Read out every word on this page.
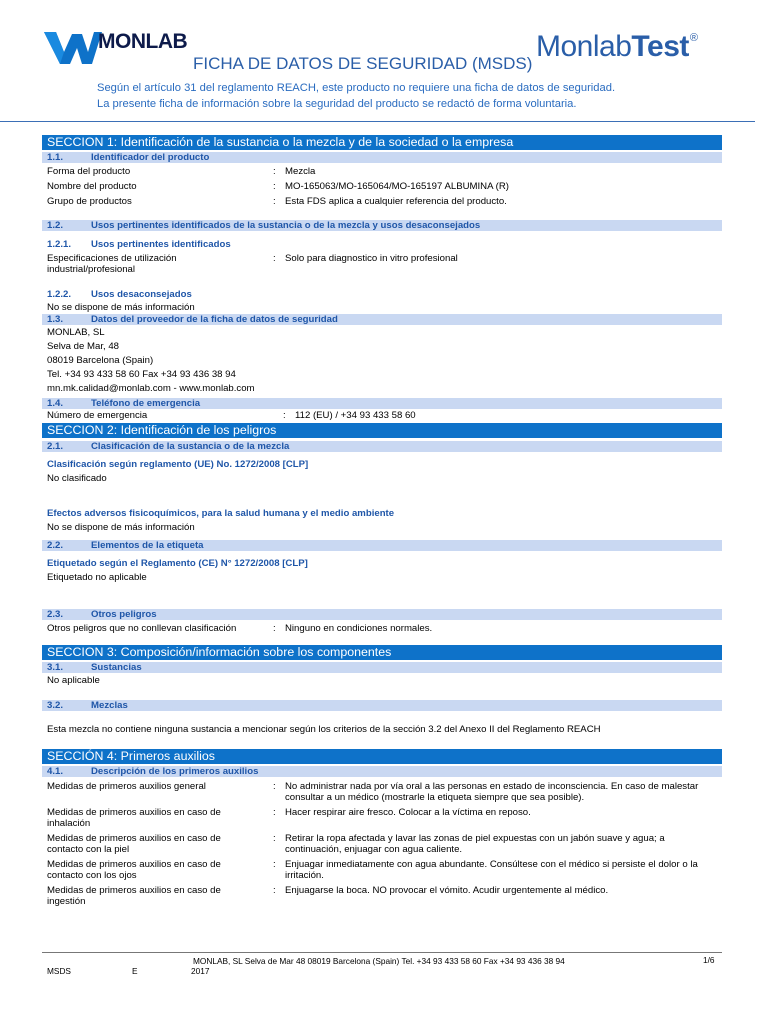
MONLAB
FICHA DE DATOS DE SEGURIDAD (MSDS)
MonlabTest®
Según el artículo 31 del reglamento REACH, este producto no requiere una ficha de datos de seguridad.
La presente ficha de información sobre la seguridad del producto se redactó de forma voluntaria.
SECCION 1: Identificación de la sustancia o la mezcla y de la sociedad o la empresa
1.1.	Identificador del producto
Forma del producto	: Mezcla
Nombre del producto	: MO-165063/MO-165064/MO-165197 ALBUMINA (R)
Grupo de productos	: Esta FDS aplica a cualquier referencia del producto.
1.2.	Usos pertinentes identificados de la sustancia o de la mezcla y usos desaconsejados
1.2.1. Usos pertinentes identificados
Especificaciones de utilización industrial/profesional
: Solo para diagnostico in vitro profesional
1.2.2. Usos desaconsejados
No se dispone de más información
1.3.	Datos del proveedor de la ficha de datos de seguridad
MONLAB, SL
Selva de Mar, 48
08019 Barcelona (Spain)
Tel. +34 93 433 58 60 Fax +34 93 436 38 94
mn.mk.calidad@monlab.com - www.monlab.com
1.4.	Teléfono de emergencia
Número de emergencia	: 112 (EU) / +34 93 433 58 60
SECCION 2: Identificación de los peligros
2.1.	Clasificación de la sustancia o de la mezcla
Clasificación según reglamento (UE) No. 1272/2008 [CLP]
No clasificado
Efectos adversos fisicoquímicos, para la salud humana y el medio ambiente
No se dispone de más información
2.2.	Elementos de la etiqueta
Etiquetado según el Reglamento (CE) N° 1272/2008 [CLP]
Etiquetado no aplicable
2.3.	Otros peligros
Otros peligros que no conllevan clasificación	: Ninguno en condiciones normales.
SECCION 3: Composición/información sobre los componentes
3.1.	Sustancias
No aplicable
3.2.	Mezclas
Esta mezcla no contiene ninguna sustancia a mencionar según los criterios de la sección 3.2 del Anexo II del Reglamento REACH
SECCIÓN 4: Primeros auxilios
4.1.	Descripción de los primeros auxilios
Medidas de primeros auxilios general	: No administrar nada por vía oral a las personas en estado de inconsciencia. En caso de malestar consultar a un médico (mostrarle la etiqueta siempre que sea posible).
Medidas de primeros auxilios en caso de inhalación
: Hacer respirar aire fresco. Colocar a la víctima en reposo.
Medidas de primeros auxilios en caso de contacto con la piel
: Retirar la ropa afectada y lavar las zonas de piel expuestas con un jabón suave y agua; a continuación, enjuagar con agua caliente.
Medidas de primeros auxilios en caso de contacto con los ojos
: Enjuagar inmediatamente con agua abundante. Consúltese con el médico si persiste el dolor o la irritación.
Medidas de primeros auxilios en caso de ingestión
: Enjuagarse la boca. NO provocar el vómito. Acudir urgentemente al médico.
MONLAB, SL Selva de Mar 48 08019 Barcelona (Spain) Tel. +34 93 433 58 60 Fax +34 93 436 38 94	1/6
MSDS	E	2017
